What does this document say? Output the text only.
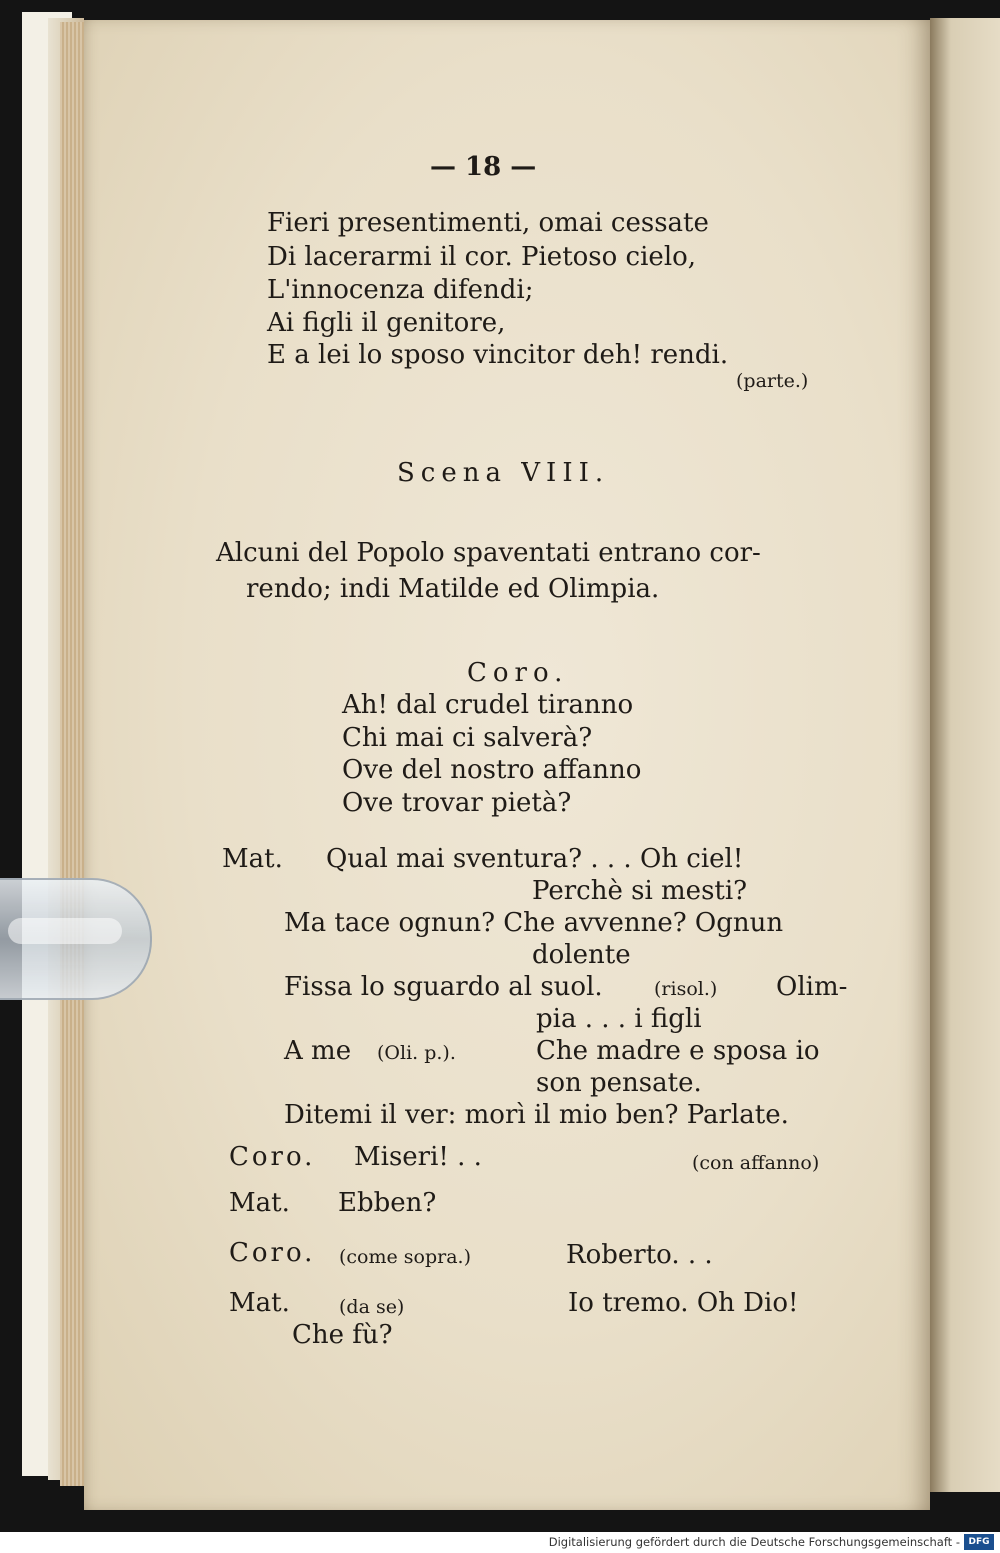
— 18 —
Fieri presentimenti, omai cessate
Di lacerarmi il cor. Pietoso cielo,
L'innocenza difendi;
Ai figli il genitore,
E a lei lo sposo vincitor deh! rendi.
(parte.)
Scena VIII.
Alcuni del Popolo spaventati entrano cor-
rendo; indi Matilde ed Olimpia.
Coro.
Ah! dal crudel tiranno
Chi mai ci salverà?
Ove del nostro affanno
Ove trovar pietà?
Mat. Qual mai sventura? . . . Oh ciel!
Perchè si mesti?
Ma tace ognun? Che avvenne? Ognun
dolente
Fissa lo sguardo al suol.	(risol.) Olim-
pia . . . i figli
A me (Oli. p.).	Che madre e sposa io
son pensate.
Ditemi il ver: morì il mio ben? Parlate.
Coro. Miseri! . .	(con affanno)
Mat. Ebben?
Coro. (come sopra.)	Roberto. . .
Mat.	(da se)	Io tremo. Oh Dio!
Che fù?
Digitalisierung gefördert durch die Deutsche Forschungsgemeinschaft - DFG
